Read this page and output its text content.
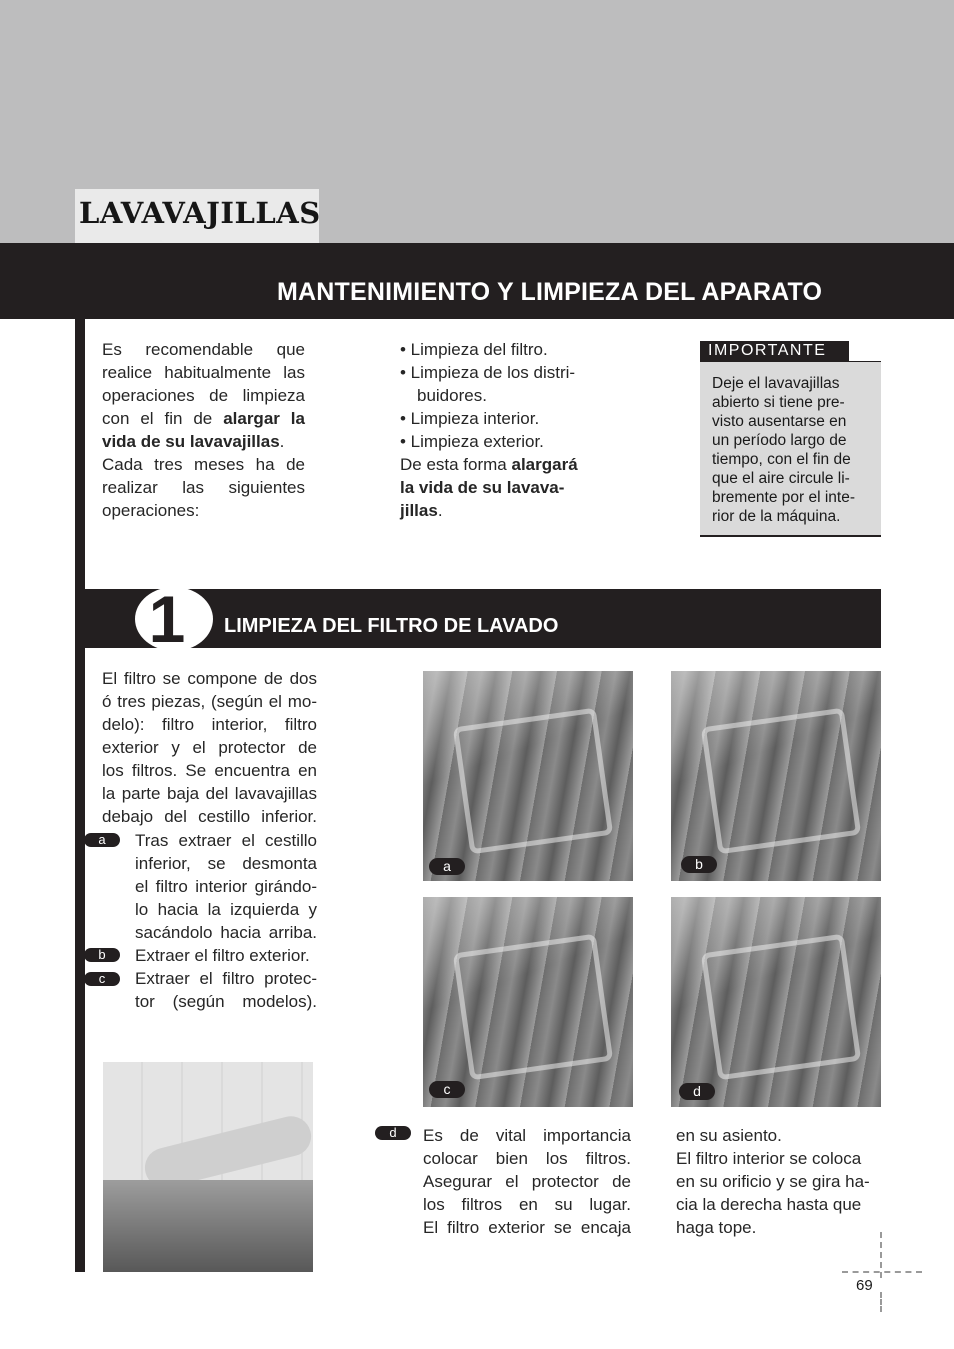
LAVAVAJILLAS
MANTENIMIENTO Y LIMPIEZA DEL APARATO
Es recomendable que
realice habitualmente las
operaciones de limpieza
con el fin de alargar la
vida de su lavavajillas.
Cada tres meses ha de
realizar las siguientes
operaciones:
• Limpieza del filtro.
• Limpieza de los distri-
buidores.
• Limpieza interior.
• Limpieza exterior.
De esta forma alargará
la vida de su lavava-
jillas.
IMPORTANTE
Deje el lavavajillas
abierto si tiene pre-
visto ausentarse en
un período largo de
tiempo, con el fin de
que el aire circule li-
bremente por el inte-
rior de la máquina.
1	LIMPIEZA DEL FILTRO DE LAVADO
El filtro se compone de dos
ó tres piezas, (según el mo-
delo): filtro interior, filtro
exterior y el protector de
los filtros. Se encuentra en
la parte baja del lavavajillas
debajo del cestillo inferior.
a	Tras extraer el cestillo
inferior, se desmonta
el filtro interior girándo-
lo hacia la izquierda y
sacándolo hacia arriba.
b	Extraer el filtro exterior.
c	Extraer el filtro protec-
tor (según modelos).
a	b
c	d
d	Es de vital importancia
colocar bien los filtros.
Asegurar el protector de
los filtros en su lugar.
El filtro exterior se encaja
en su asiento.
El filtro interior se coloca
en su orificio y se gira ha-
cia la derecha hasta que
haga tope.
69
